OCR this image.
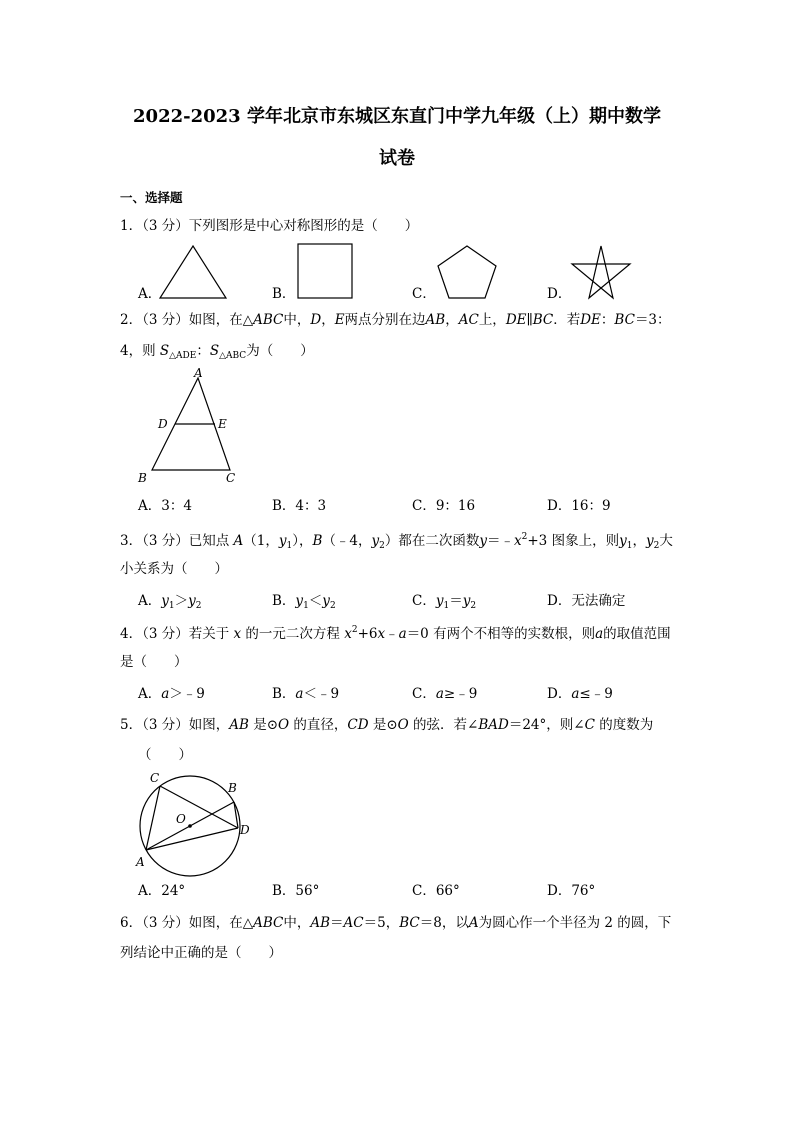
2022-2023 学年北京市东城区东直门中学九年级（上）期中数学
试卷
一、选择题
1．（3 分）下列图形是中心对称图形的是（　　）
A．	B．	C．	D．
2．（3 分）如图，在△ABC中，D，E两点分别在边AB，AC上，DE∥BC．若DE：BC＝3：
4，则 $S_{\triangle ADE}$：$S_{\triangle ABC}$为（　　）
A
D	E
B	C
A．3：4	B．4：3	C．9：16	D．16：9
3．（3 分）已知点 A（1，$y_1$），B（﹣4，$y_2$）都在二次函数$y=﹣x^2+3$ 图象上，则$y_1$，$y_2$大
小关系为（　　）
A．$y_1>y_2$	B．$y_1<y_2$	C．$y_1=y_2$	D．无法确定
4．（3 分）若关于 x 的一元二次方程 $x^2+6x﹣a=0$ 有两个不相等的实数根，则a的取值范围
是（　　）
A．a＞﹣9	B．a＜﹣9	C．a≥﹣9	D．a≤﹣9
5．（3 分）如图，AB 是⊙O 的直径，CD 是⊙O 的弦．若∠BAD＝24°，则∠C 的度数为
（　　）
C
B
O
D
A
A．24°	B．56°	C．66°	D．76°
6．（3 分）如图，在△ABC中，AB＝AC＝5，BC＝8，以A为圆心作一个半径为 2 的圆，下
列结论中正确的是（　　）
